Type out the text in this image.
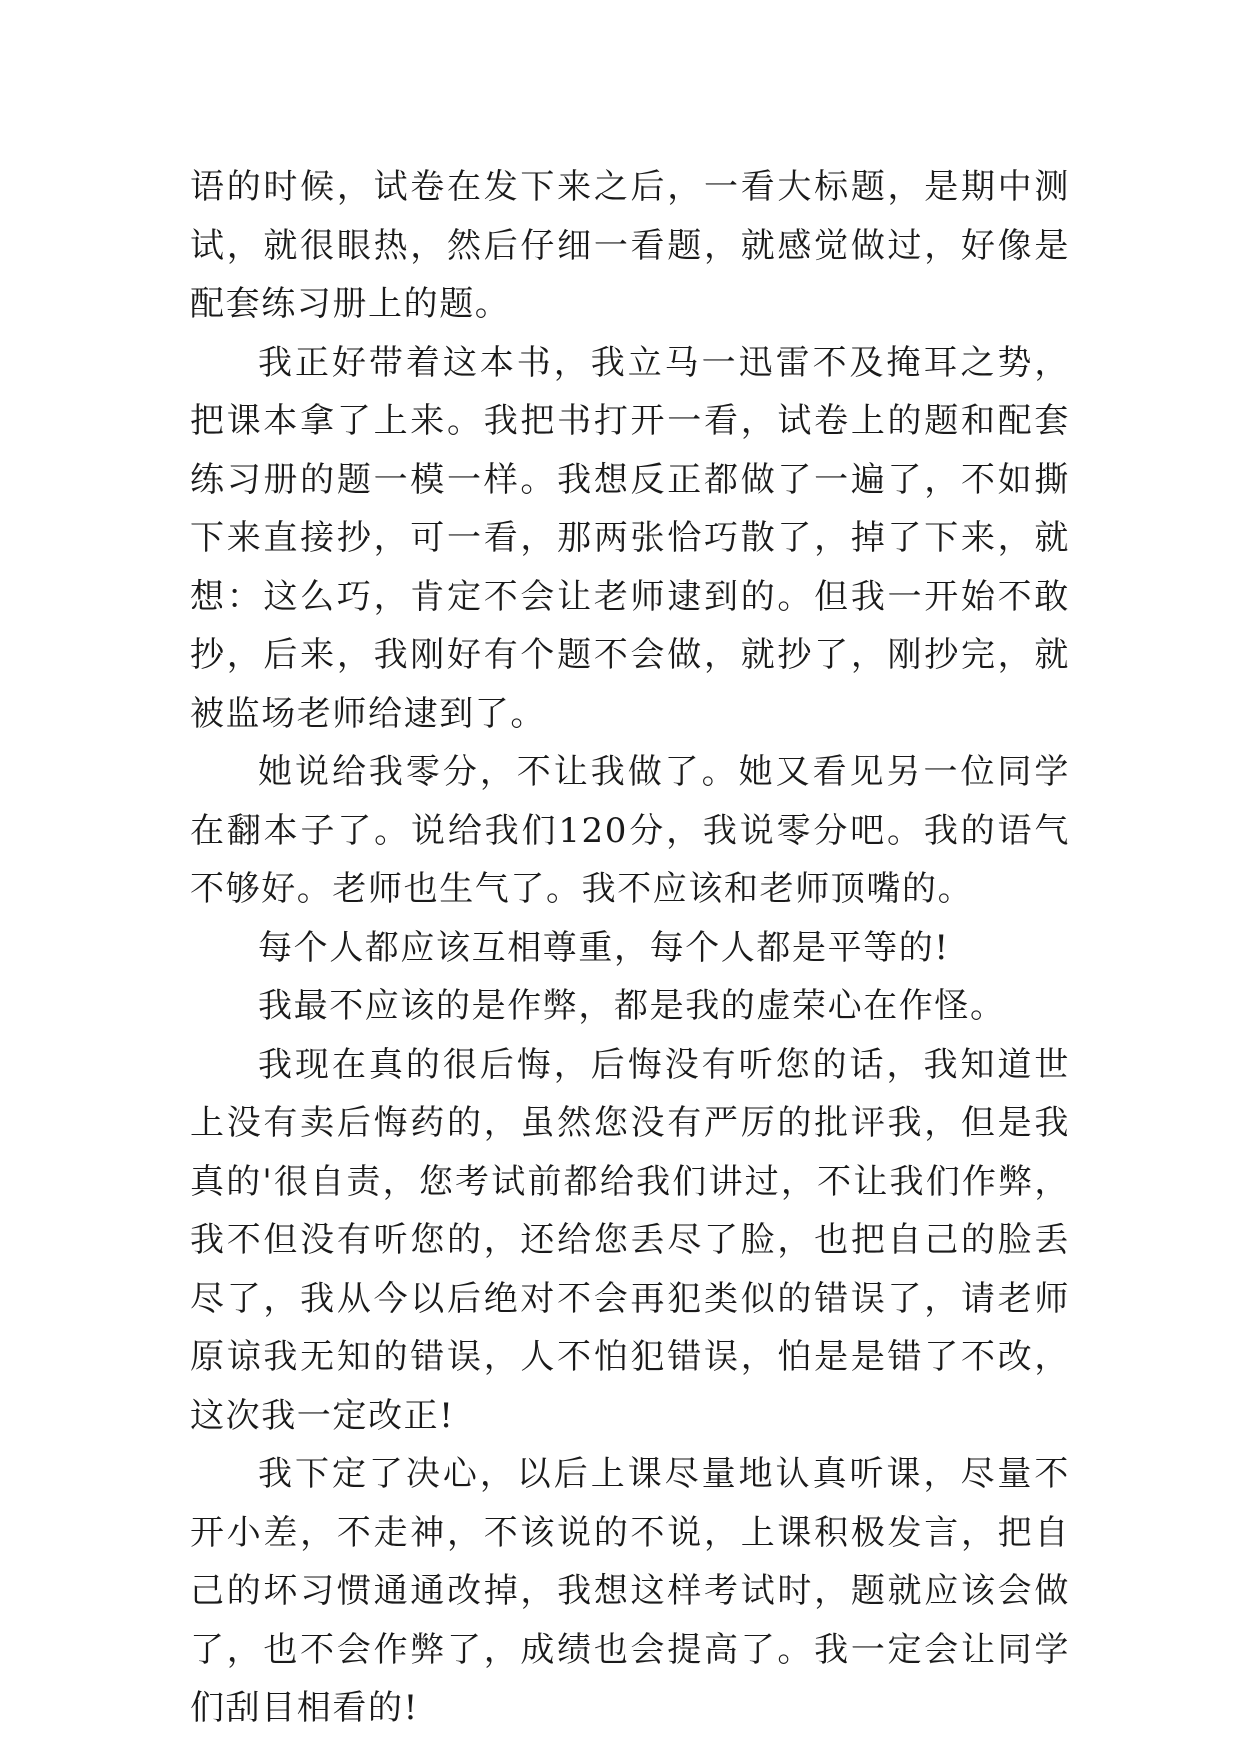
语的时候，试卷在发下来之后，一看大标题，是期中测试，就很眼热，然后仔细一看题，就感觉做过，好像是配套练习册上的题。

我正好带着这本书，我立马一迅雷不及掩耳之势，把课本拿了上来。我把书打开一看，试卷上的题和配套练习册的题一模一样。我想反正都做了一遍了，不如撕下来直接抄，可一看，那两张恰巧散了，掉了下来，就想：这么巧，肯定不会让老师逮到的。但我一开始不敢抄，后来，我刚好有个题不会做，就抄了，刚抄完，就被监场老师给逮到了。

她说给我零分，不让我做了。她又看见另一位同学在翻本子了。说给我们120分，我说零分吧。我的语气不够好。老师也生气了。我不应该和老师顶嘴的。

每个人都应该互相尊重，每个人都是平等的!

我最不应该的是作弊，都是我的虚荣心在作怪。

我现在真的很后悔，后悔没有听您的话，我知道世上没有卖后悔药的，虽然您没有严厉的批评我，但是我真的'很自责，您考试前都给我们讲过，不让我们作弊，我不但没有听您的，还给您丢尽了脸，也把自己的脸丢尽了，我从今以后绝对不会再犯类似的错误了，请老师原谅我无知的错误，人不怕犯错误，怕是是错了不改，这次我一定改正!

我下定了决心，以后上课尽量地认真听课，尽量不开小差，不走神，不该说的不说，上课积极发言，把自己的坏习惯通通改掉，我想这样考试时，题就应该会做了，也不会作弊了，成绩也会提高了。我一定会让同学们刮目相看的!
